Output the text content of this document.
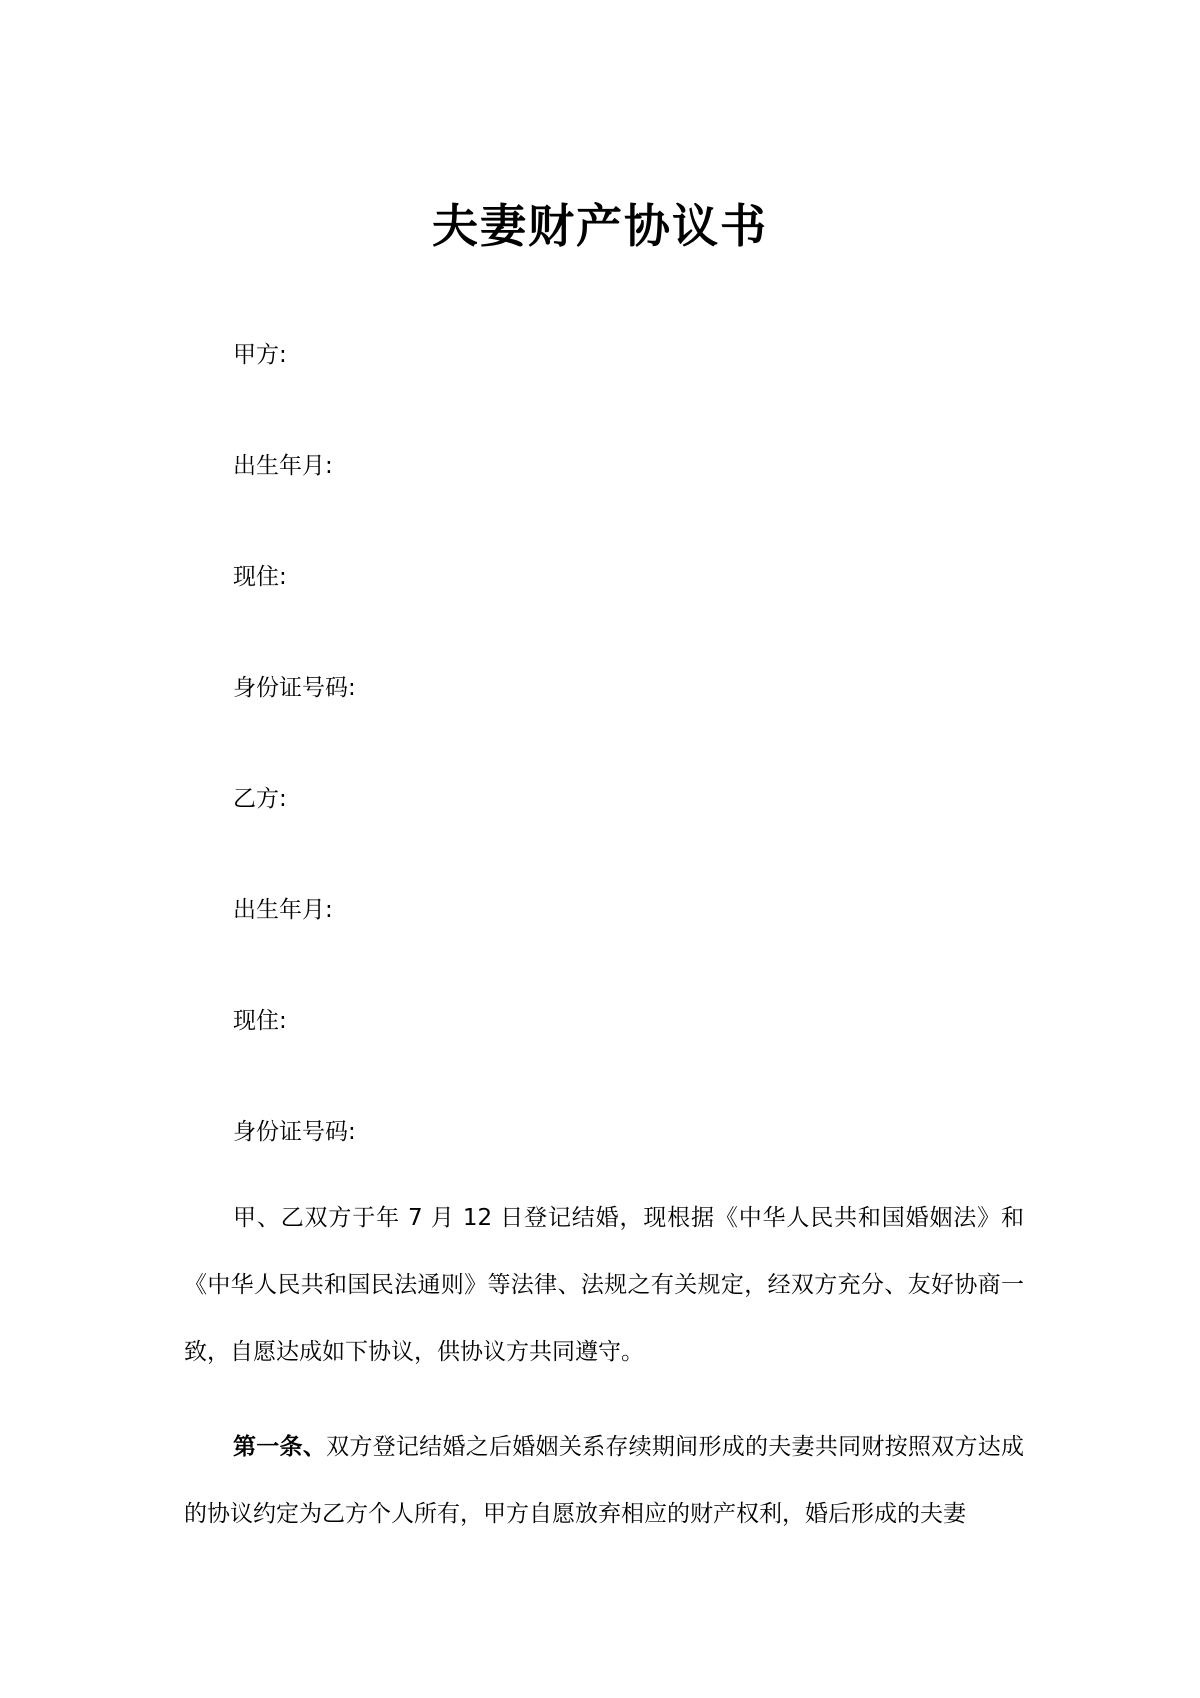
夫妻财产协议书

甲方:

出生年月:

现住:

身份证号码:

乙方:

出生年月:

现住:

身份证号码:

甲、乙双方于年 7 月 12 日登记结婚，现根据《中华人民共和国婚姻法》和《中华人民共和国民法通则》等法律、法规之有关规定，经双方充分、友好协商一致，自愿达成如下协议，供协议方共同遵守。

第一条、双方登记结婚之后婚姻关系存续期间形成的夫妻共同财按照双方达成的协议约定为乙方个人所有，甲方自愿放弃相应的财产权利，婚后形成的夫妻
